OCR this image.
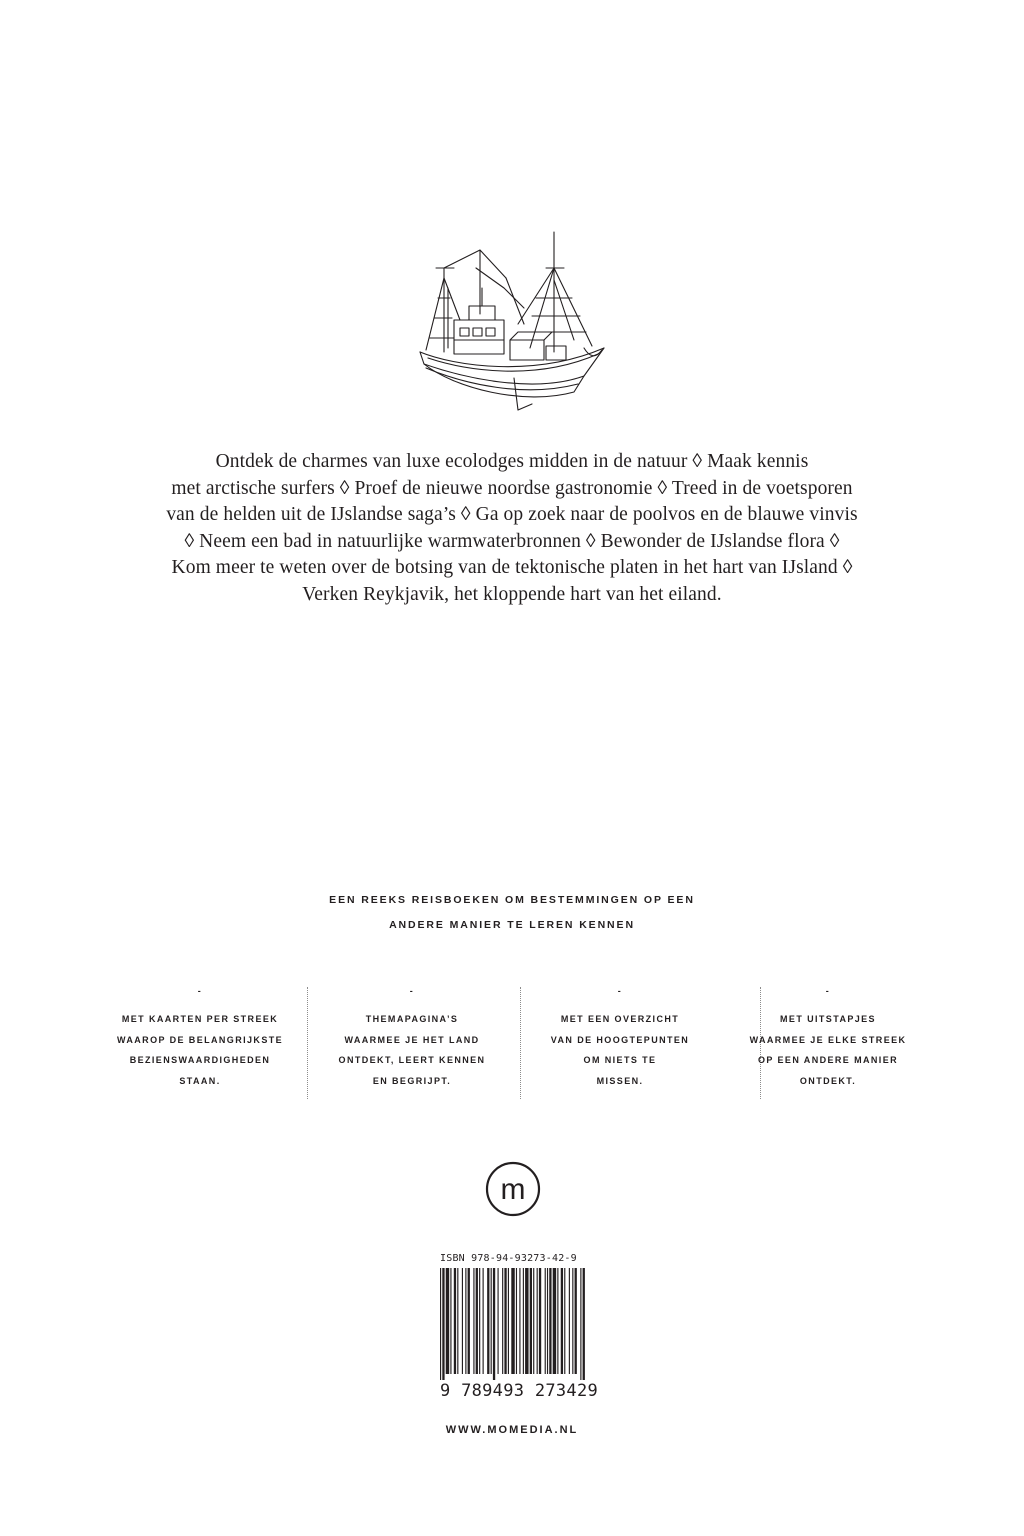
Ontdek de charmes van luxe ecolodges midden in de natuur ◊ Maak kennis
met arctische surfers ◊ Proef de nieuwe noordse gastronomie ◊ Treed in de voetsporen
van de helden uit de IJslandse saga’s ◊ Ga op zoek naar de poolvos en de blauwe vinvis
◊ Neem een bad in natuurlijke warmwaterbronnen ◊ Bewonder de IJslandse flora ◊
Kom meer te weten over de botsing van de tektonische platen in het hart van IJsland ◊
Verken Reykjavik, het kloppende hart van het eiland.
EEN REEKS REISBOEKEN OM BESTEMMINGEN OP EEN
ANDERE MANIER TE LEREN KENNEN
-
MET KAARTEN PER STREEK
WAAROP DE BELANGRIJKSTE
BEZIENSWAARDIGHEDEN
STAAN.
-
THEMAPAGINA’S
WAARMEE JE HET LAND
ONTDEKT, LEERT KENNEN
EN BEGRIJPT.
-
MET EEN OVERZICHT
VAN DE HOOGTEPUNTEN
OM NIETS TE
MISSEN.
-
MET UITSTAPJES
WAARMEE JE ELKE STREEK
OP EEN ANDERE MANIER
ONTDEKT.
m
ISBN 978-94-93273-42-9
9 789493 273429
WWW.MOMEDIA.NL
